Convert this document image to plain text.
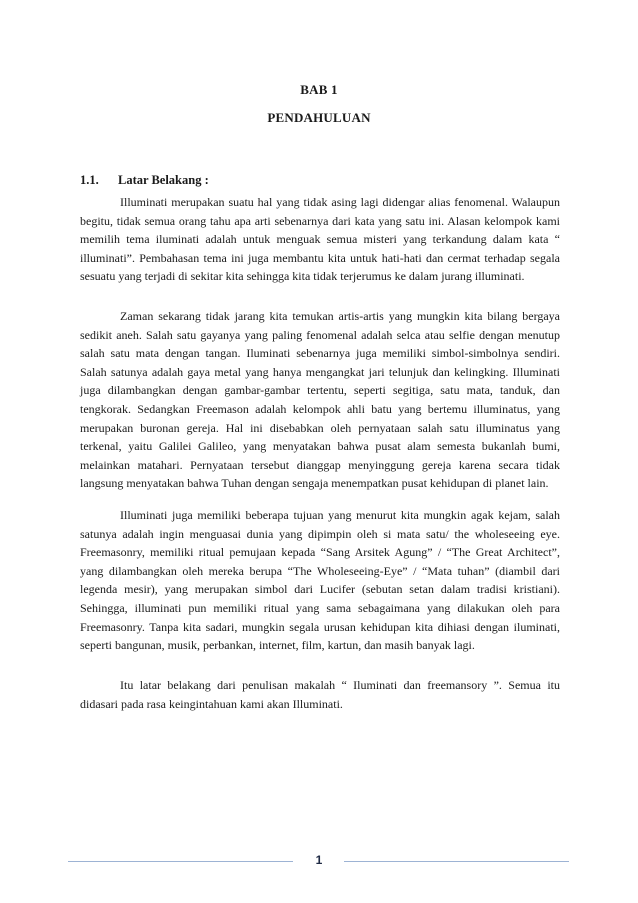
BAB 1
PENDAHULUAN
1.1.	Latar Belakang :

Illuminati merupakan suatu hal yang tidak asing lagi didengar alias fenomenal. Walaupun begitu, tidak semua orang tahu apa arti sebenarnya dari kata yang satu ini. Alasan kelompok kami memilih tema iluminati adalah untuk menguak semua misteri yang terkandung dalam kata “ illuminati”. Pembahasan tema ini juga membantu kita untuk hati-hati dan cermat terhadap segala sesuatu yang terjadi di sekitar kita sehingga kita tidak terjerumus ke dalam jurang illuminati.

Zaman sekarang tidak jarang kita temukan artis-artis yang mungkin kita bilang bergaya sedikit aneh. Salah satu gayanya yang paling fenomenal adalah selca atau selfie dengan menutup salah satu mata dengan tangan. Iluminati sebenarnya juga memiliki simbol-simbolnya sendiri. Salah satunya adalah gaya metal yang hanya mengangkat jari telunjuk dan kelingking. Illuminati juga dilambangkan dengan gambar-gambar tertentu, seperti segitiga, satu mata, tanduk, dan tengkorak. Sedangkan Freemason adalah kelompok ahli batu yang bertemu illuminatus, yang merupakan buronan gereja. Hal ini disebabkan oleh pernyataan salah satu illuminatus yang terkenal, yaitu Galilei Galileo, yang menyatakan bahwa pusat alam semesta bukanlah bumi, melainkan matahari. Pernyataan tersebut dianggap menyinggung gereja karena secara tidak langsung menyatakan bahwa Tuhan dengan sengaja menempatkan pusat kehidupan di planet lain.

Illuminati juga memiliki beberapa tujuan yang menurut kita mungkin agak kejam, salah satunya adalah ingin menguasai dunia yang dipimpin oleh si mata satu/ the wholeseeing eye. Freemasonry, memiliki ritual pemujaan kepada “Sang Arsitek Agung” / “The Great Architect”, yang dilambangkan oleh mereka berupa “The Wholeseeing-Eye” / “Mata tuhan” (diambil dari legenda mesir), yang merupakan simbol dari Lucifer (sebutan setan dalam tradisi kristiani). Sehingga, illuminati pun memiliki ritual yang sama sebagaimana yang dilakukan oleh para Freemasonry. Tanpa kita sadari, mungkin segala urusan kehidupan kita dihiasi dengan iluminati, seperti bangunan, musik, perbankan, internet, film, kartun, dan masih banyak lagi.

Itu latar belakang dari penulisan makalah “ Iluminati dan freemansory ”. Semua itu didasari pada rasa keingintahuan kami akan Illuminati.

1
